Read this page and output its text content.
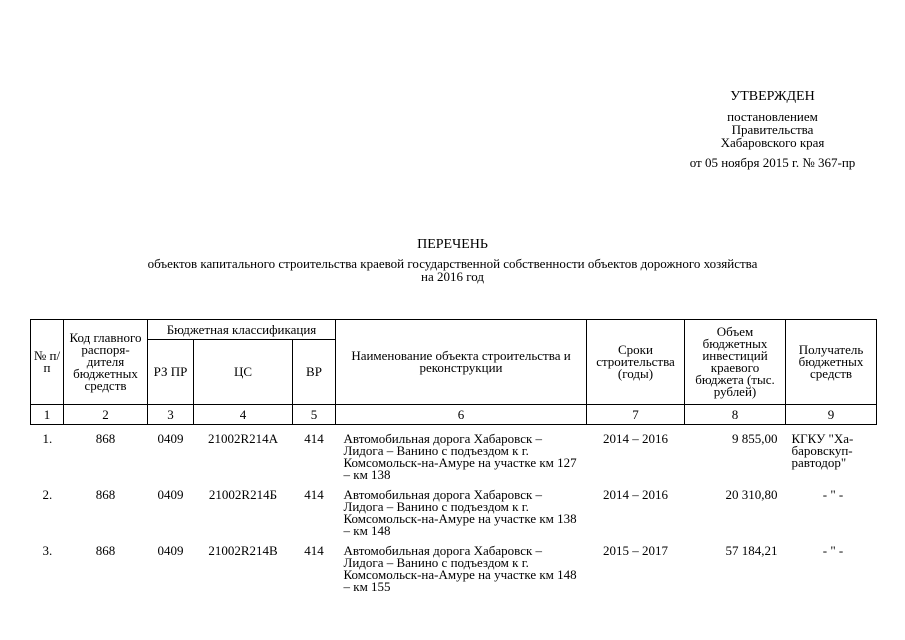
УТВЕРЖДЕН
постановлением
Правительства
Хабаровского края
от 05 ноября 2015 г. № 367-пр
ПЕРЕЧЕНЬ
объектов капитального строительства краевой государственной собственности объектов дорожного хозяйства
на 2016 год
№ п/п	Код главного распоря-дителя бюджетных средств	Бюджетная классификация			Наименование объекта строительства и реконструкции	Сроки строительства (годы)	Объем бюджетных инвестиций краевого бюджета (тыс. рублей)	Получатель бюджетных средств
		РЗ ПР	ЦС	ВР				
1	2	3	4	5	6	7	8	9
1.	868	0409	21002R214А	414	Автомобильная дорога Хабаровск – Лидога – Ванино с подъездом к г. Комсомольск-на-Амуре на участке км 127 – км 138	2014 – 2016	9 855,00	КГКУ "Ха-баровскуп-равтодор"
2.	868	0409	21002R214Б	414	Автомобильная дорога Хабаровск – Лидога – Ванино с подъездом к г. Комсомольск-на-Амуре на участке км 138 – км 148	2014 – 2016	20 310,80	- " -
3.	868	0409	21002R214В	414	Автомобильная дорога Хабаровск – Лидога – Ванино с подъездом к г. Комсомольск-на-Амуре на участке км 148 – км 155	2015 – 2017	57 184,21	- " -
